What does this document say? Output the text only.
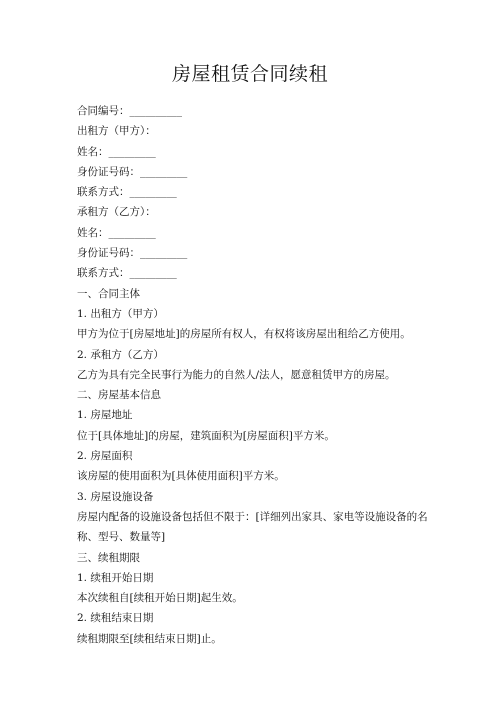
房屋租赁合同续租
合同编号：__________
出租方（甲方）：
姓名：_________
身份证号码：_________
联系方式：_________
承租方（乙方）：
姓名：_________
身份证号码：_________
联系方式：_________
一、合同主体
1. 出租方（甲方）
甲方为位于[房屋地址]的房屋所有权人，有权将该房屋出租给乙方使用。
2. 承租方（乙方）
乙方为具有完全民事行为能力的自然人/法人，愿意租赁甲方的房屋。
二、房屋基本信息
1. 房屋地址
位于[具体地址]的房屋，建筑面积为[房屋面积]平方米。
2. 房屋面积
该房屋的使用面积为[具体使用面积]平方米。
3. 房屋设施设备
房屋内配备的设施设备包括但不限于：[详细列出家具、家电等设施设备的名称、型号、数量等]
三、续租期限
1. 续租开始日期
本次续租自[续租开始日期]起生效。
2. 续租结束日期
续租期限至[续租结束日期]止。
